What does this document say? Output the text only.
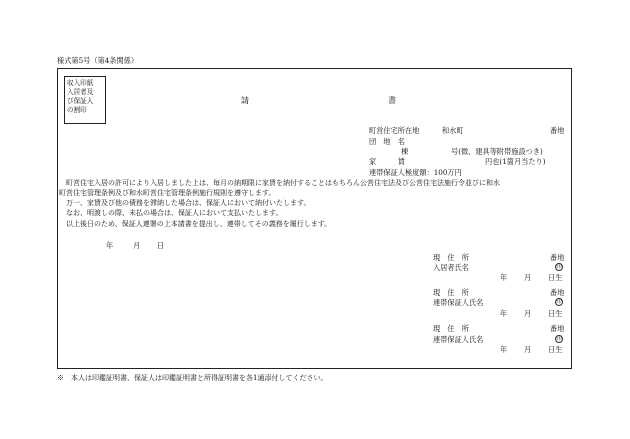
様式第5号（第4条関係）
収入印紙
入居者及
び保証人
の割印
請	書
町営住宅所在地	和水町	番地
団　地　名
棟	号(微、建具等附帯施設つき)
家　　　賃	円也(1箇月当たり)
連帯保証人極度額：100万円
町営住宅入居の許可により入居しました上は、毎月の納期限に家賃を納付することはもちろん公営住宅法及び公営住宅法施行令並びに和水
町営住宅管理条例及び和水町営住宅管理条例施行規則を遵守します。
万一、家賃及び他の債務を滞納した場合は、保証人において納付いたします。
なお、明渡しの際、未払の場合は、保証人において支払いたします。
以上後日のため、保証人連署の上本請書を提出し、連帯してその義務を履行します。
年	月 日
現　住　所	番地
入居者氏名	印
年 月 日生
現　住　所	番地
連帯保証人氏名	印
年 月 日生
現　住　所	番地
連帯保証人氏名	印
年 月 日生
※　本人は印鑑証明書、保証人は印鑑証明書と所得証明書を各1通添付してください。
